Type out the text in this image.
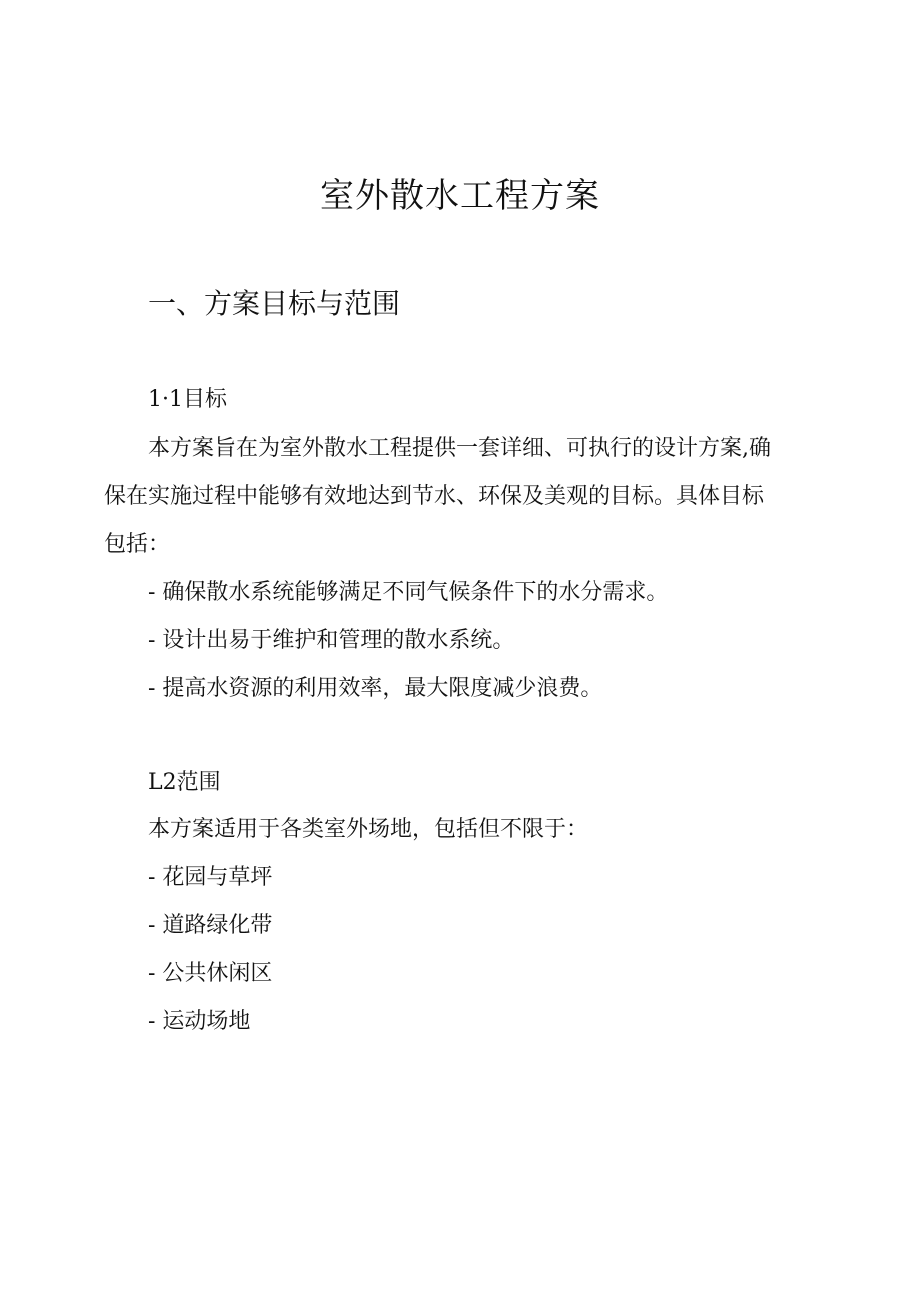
室外散水工程方案
一、方案目标与范围
1·1目标
本方案旨在为室外散水工程提供一套详细、可执行的设计方案,确
保在实施过程中能够有效地达到节水、环保及美观的目标。具体目标
包括：
- 确保散水系统能够满足不同气候条件下的水分需求。
- 设计出易于维护和管理的散水系统。
- 提高水资源的利用效率，最大限度减少浪费。
L2范围
本方案适用于各类室外场地，包括但不限于：
- 花园与草坪
- 道路绿化带
- 公共休闲区
- 运动场地
